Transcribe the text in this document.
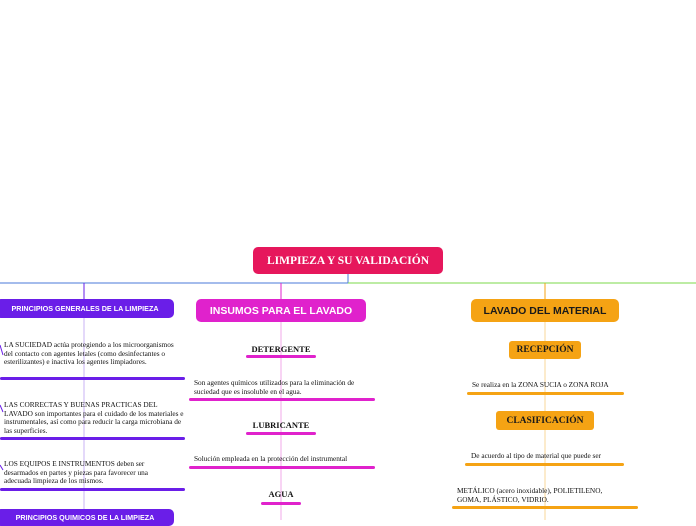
LIMPIEZA Y SU VALIDACIÓN
PRINCIPIOS GENERALES DE LA LIMPIEZA
LA SUCIEDAD actúa protegiendo a los microorganismos del contacto con agentes letales (como desinfectantes o esterilizantes) e inactiva los agentes limpiadores.
LAS CORRECTAS Y BUENAS PRACTICAS DEL LAVADO son importantes para el cuidado de los materiales e instrumentales, así como para reducir la carga microbiana de las superficies.
LOS EQUIPOS E INSTRUMENTOS deben ser desarmados en partes y piezas para favorecer una adecuada limpieza de los mismos.
PRINCIPIOS QUIMICOS DE LA LIMPIEZA
INSUMOS PARA EL LAVADO
DETERGENTE
Son agentes químicos utilizados para la eliminación de suciedad que es insoluble en el agua.
LUBRICANTE
Solución empleada en la protección del instrumental
AGUA
LAVADO DEL MATERIAL
RECEPCIÓN
Se realiza en la ZONA SUCIA o ZONA ROJA
CLASIFICACIÓN
De acuerdo al tipo de material que puede ser
METÁLICO (acero inoxidable), POLIETILENO, GOMA, PLÁSTICO, VIDRIO.
